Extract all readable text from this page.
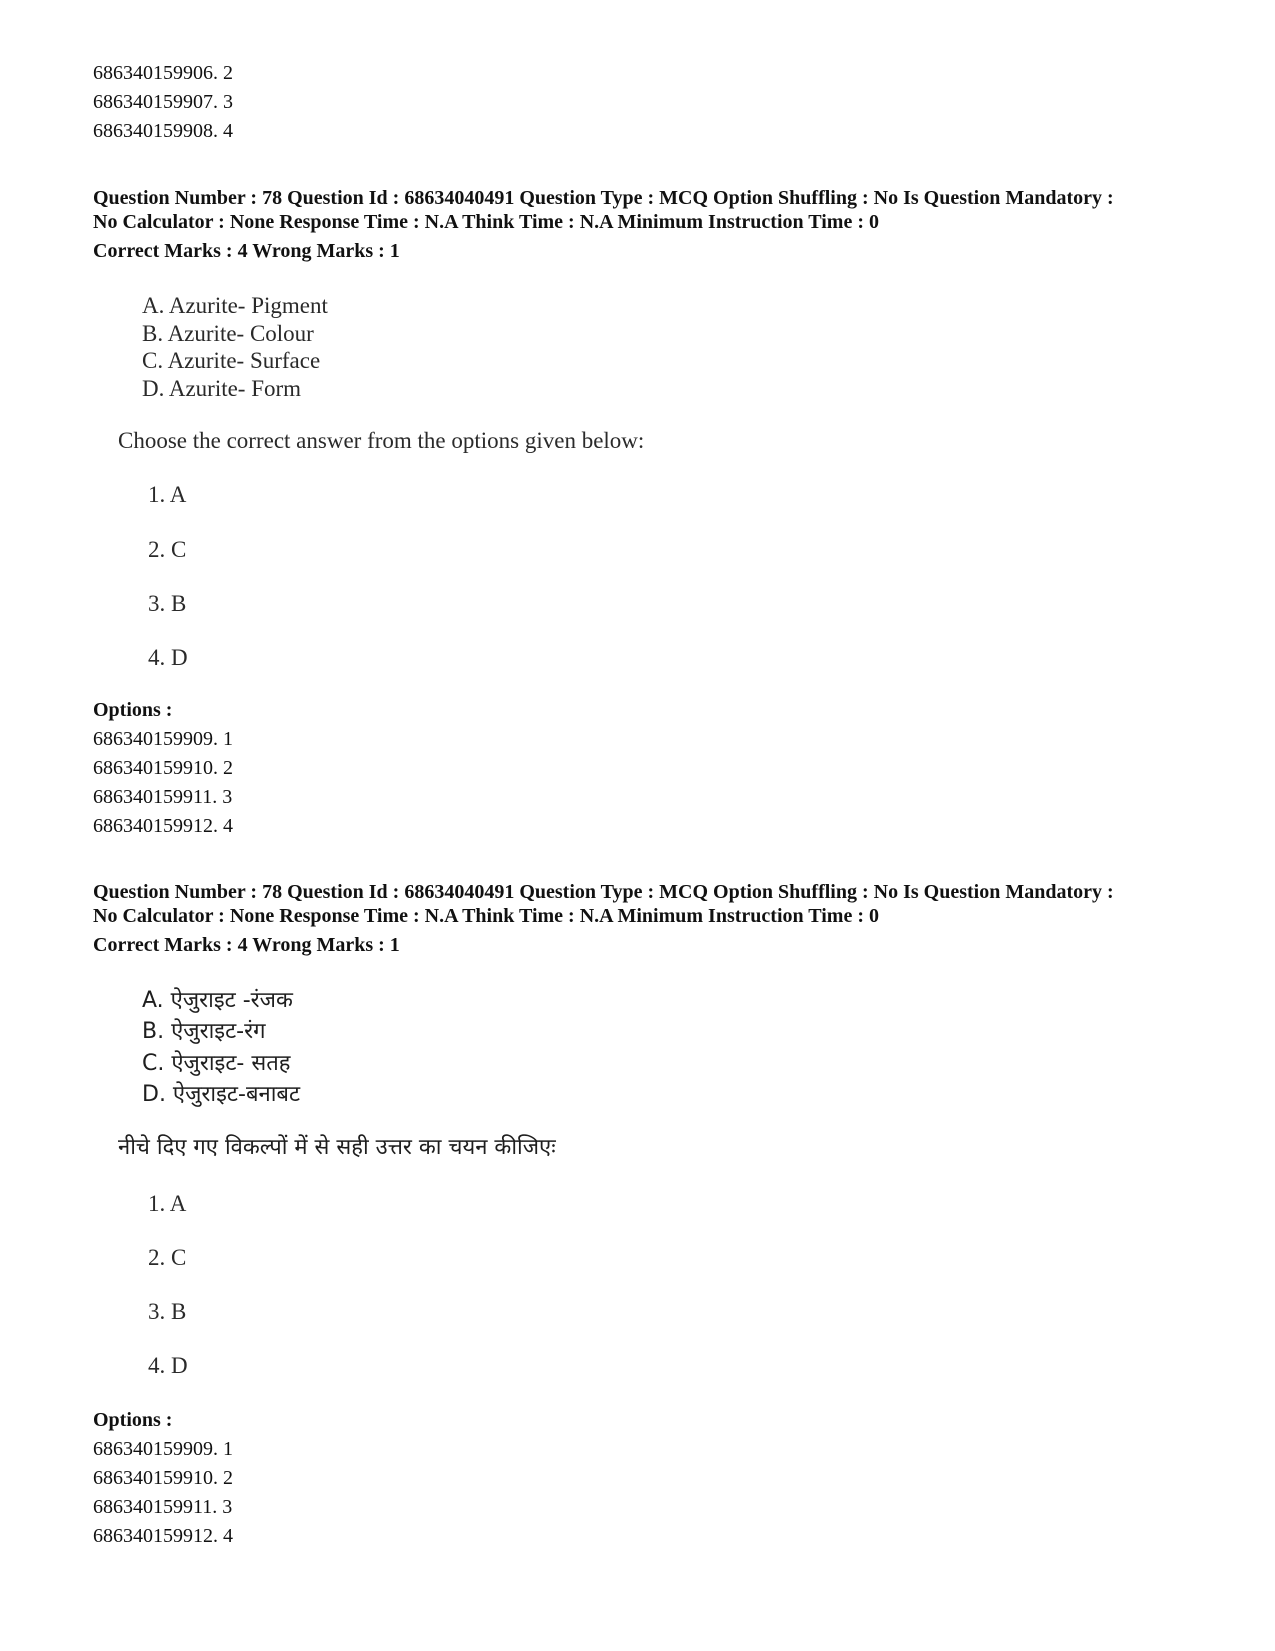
686340159906. 2
686340159907. 3
686340159908. 4
Question Number : 78 Question Id : 68634040491 Question Type : MCQ Option Shuffling : No Is Question Mandatory :
No Calculator : None Response Time : N.A Think Time : N.A Minimum Instruction Time : 0
Correct Marks : 4 Wrong Marks : 1
A. Azurite- Pigment
B. Azurite- Colour
C. Azurite- Surface
D. Azurite- Form
Choose the correct answer from the options given below:
1. A
2. C
3. B
4. D
Options :
686340159909. 1
686340159910. 2
686340159911. 3
686340159912. 4
Question Number : 78 Question Id : 68634040491 Question Type : MCQ Option Shuffling : No Is Question Mandatory :
No Calculator : None Response Time : N.A Think Time : N.A Minimum Instruction Time : 0
Correct Marks : 4 Wrong Marks : 1
A. ऐजुराइट -रंजक
B. ऐजुराइट-रंग
C. ऐजुराइट- सतह
D. ऐजुराइट-बनाबट
नीचे दिए गए विकल्पों में से सही उत्तर का चयन कीजिएः
1. A
2. C
3. B
4. D
Options :
686340159909. 1
686340159910. 2
686340159911. 3
686340159912. 4
